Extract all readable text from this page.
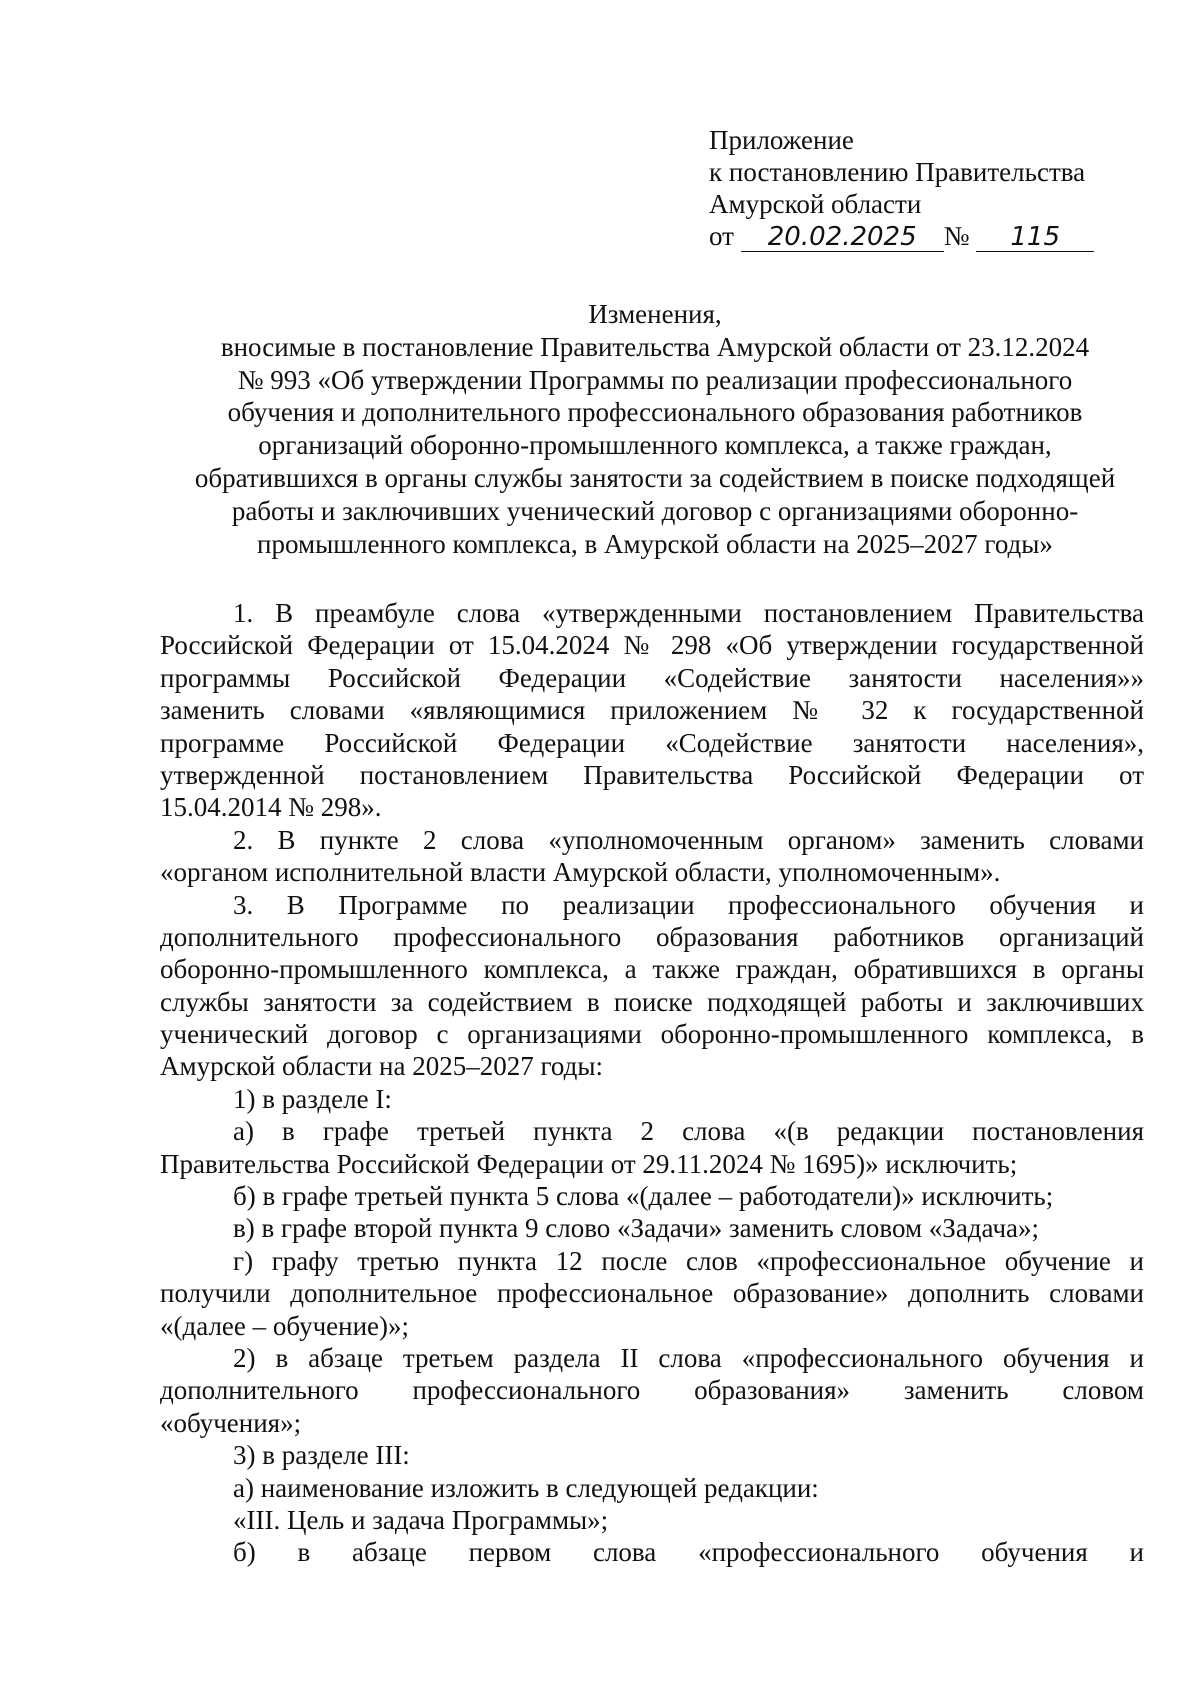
Приложение
к постановлению Правительства
Амурской области
от 20.02.2025 № 115
Изменения,
вносимые в постановление Правительства Амурской области от 23.12.2024
№ 993 «Об утверждении Программы по реализации профессионального
обучения и дополнительного профессионального образования работников
организаций оборонно-промышленного комплекса, а также граждан,
обратившихся в органы службы занятости за содействием в поиске подходящей
работы и заключивших ученический договор с организациями оборонно-
промышленного комплекса, в Амурской области на 2025–2027 годы»
1. В преамбуле слова «утвержденными постановлением Правительства
Российской Федерации от 15.04.2024 № 298 «Об утверждении государственной
программы Российской Федерации «Содействие занятости населения»»
заменить словами «являющимися приложением № 32 к государственной
программе Российской Федерации «Содействие занятости населения»,
утвержденной постановлением Правительства Российской Федерации от
15.04.2014 № 298».
2. В пункте 2 слова «уполномоченным органом» заменить словами
«органом исполнительной власти Амурской области, уполномоченным».
3. В Программе по реализации профессионального обучения и
дополнительного профессионального образования работников организаций
оборонно-промышленного комплекса, а также граждан, обратившихся в органы
службы занятости за содействием в поиске подходящей работы и заключивших
ученический договор с организациями оборонно-промышленного комплекса, в
Амурской области на 2025–2027 годы:
1) в разделе I:
а) в графе третьей пункта 2 слова «(в редакции постановления
Правительства Российской Федерации от 29.11.2024 № 1695)» исключить;
б) в графе третьей пункта 5 слова «(далее – работодатели)» исключить;
в) в графе второй пункта 9 слово «Задачи» заменить словом «Задача»;
г) графу третью пункта 12 после слов «профессиональное обучение и
получили дополнительное профессиональное образование» дополнить словами
«(далее – обучение)»;
2) в абзаце третьем раздела II слова «профессионального обучения и
дополнительного профессионального образования» заменить словом
«обучения»;
3) в разделе III:
а) наименование изложить в следующей редакции:
«III. Цель и задача Программы»;
б) в абзаце первом слова «профессионального обучения и
